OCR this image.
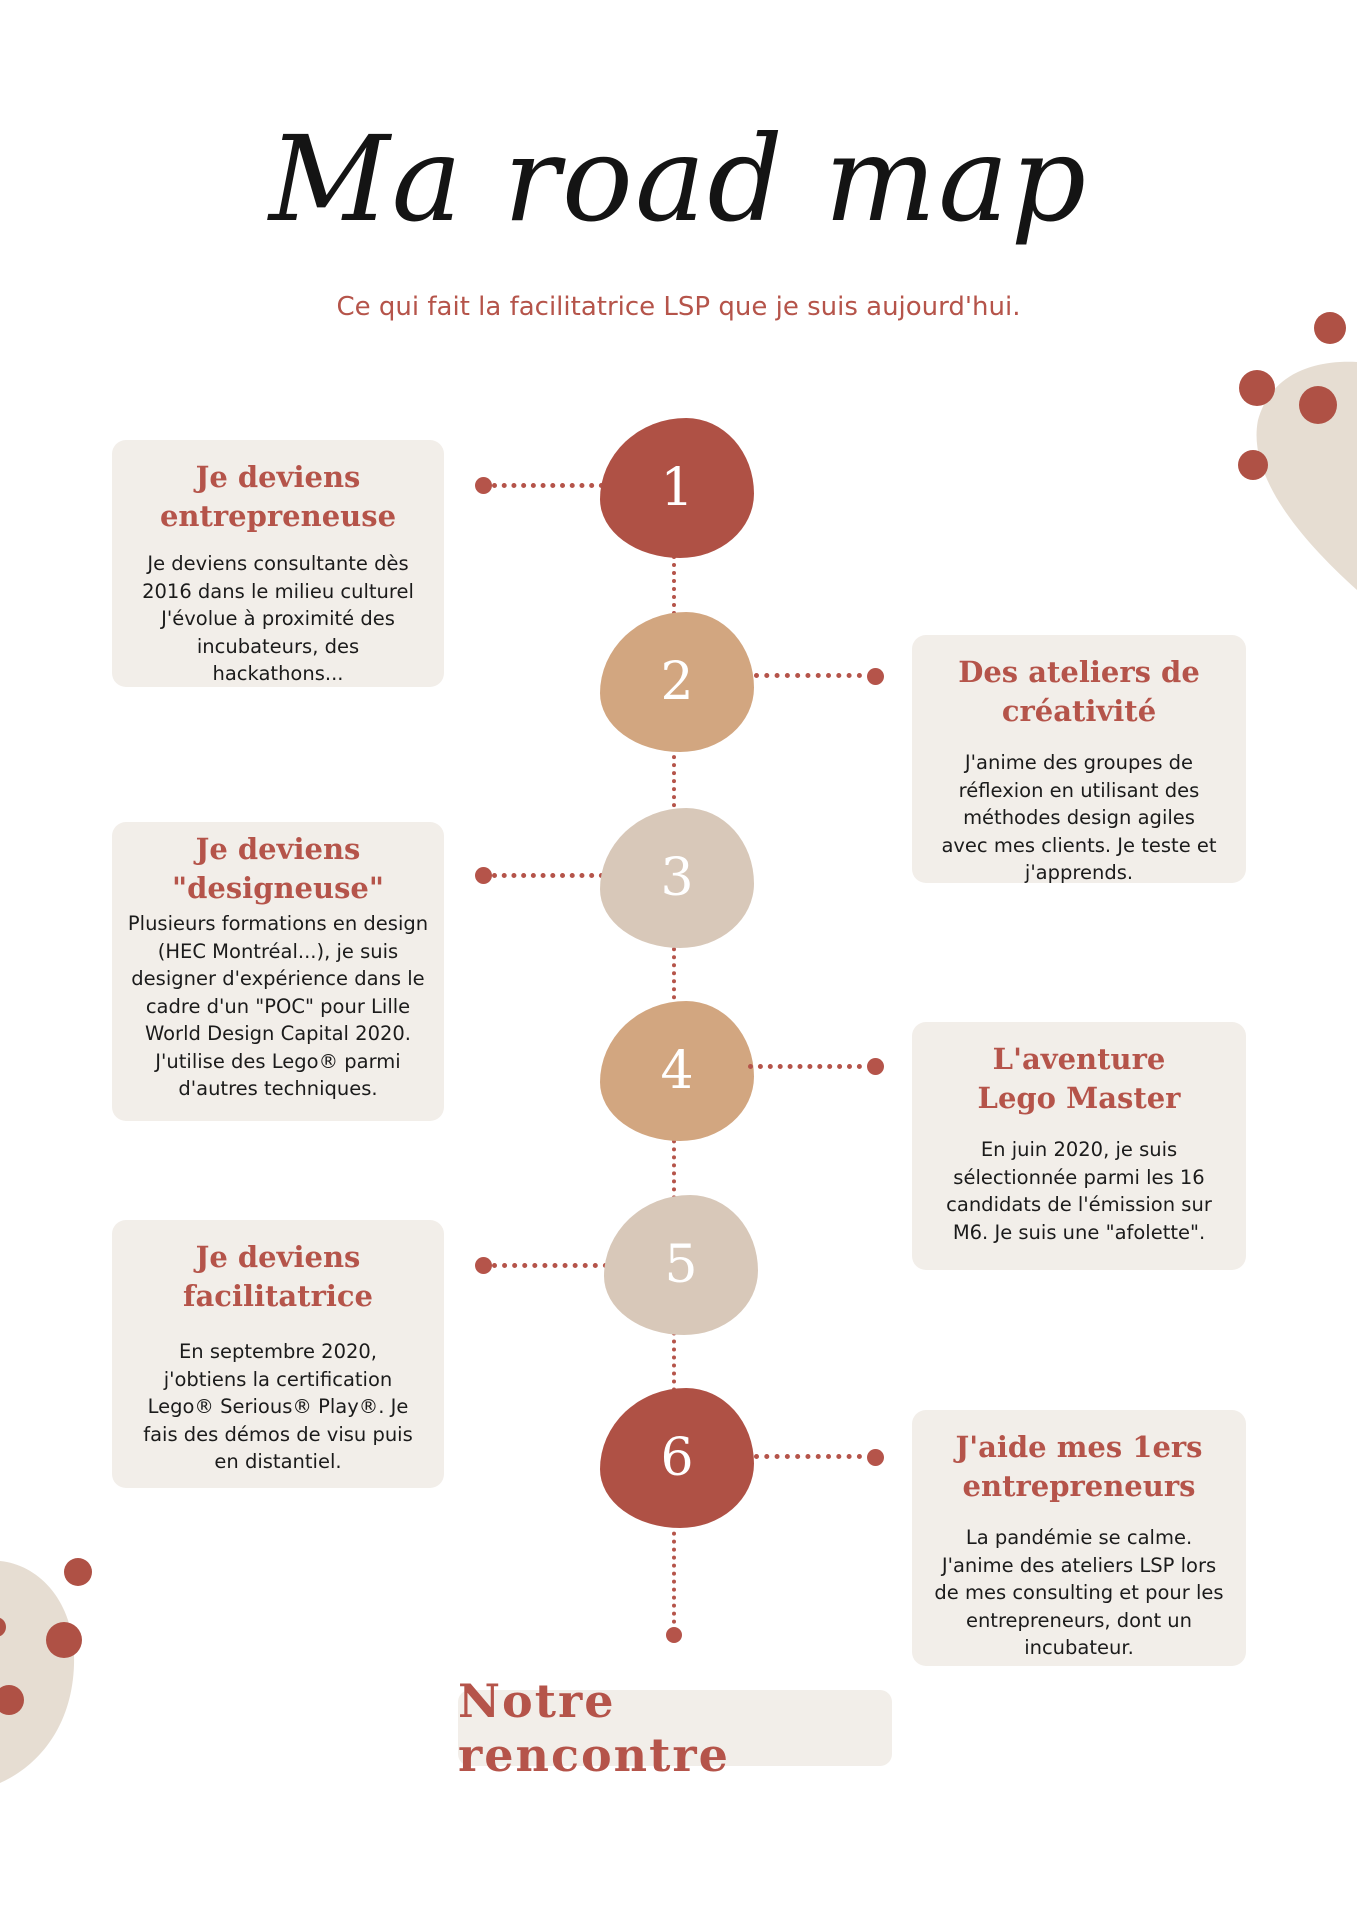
Ma road map
Ce qui fait la facilitatrice LSP que je suis aujourd'hui.
1
Je deviens
entrepreneuse

Je deviens consultante dès 2016 dans le milieu culturel J'évolue à proximité des incubateurs, des hackathons...	2	Des ateliers de
créativité

J'anime des groupes de réflexion en utilisant des méthodes design agiles avec mes clients. Je teste et j'apprends.

3
Je deviens
"designeuse"

Plusieurs formations en design (HEC Montréal...), je suis designer d'expérience dans le cadre d'un "POC" pour Lille World Design Capital 2020. J'utilise des Lego® parmi d'autres techniques.	4	L'aventure
Lego Master

En juin 2020, je suis sélectionnée parmi les 16 candidats de l'émission sur M6. Je suis une "afolette".

5
Je deviens
facilitatrice

En septembre 2020, j'obtiens la certification Lego® Serious® Play®. Je fais des démos de visu puis en distantiel.	6	J'aide mes 1ers
entrepreneurs

La pandémie se calme. J'anime des ateliers LSP lors de mes consulting et pour les entrepreneurs, dont un incubateur.

Notre rencontre
